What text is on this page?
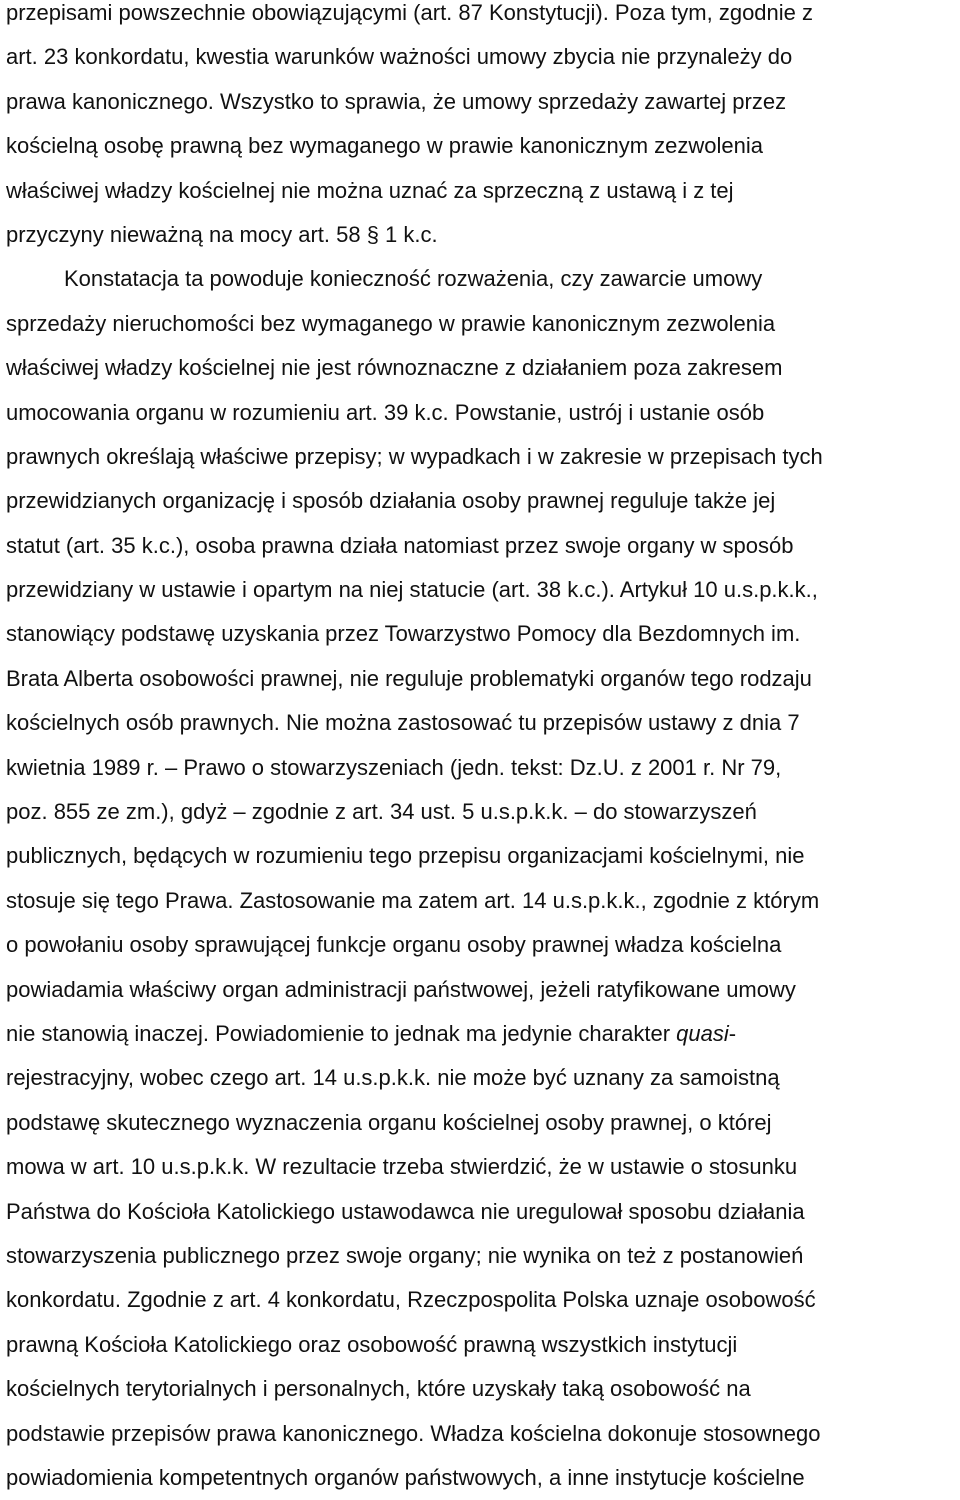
przepisami powszechnie obowiązującymi (art. 87 Konstytucji). Poza tym, zgodnie z
art. 23 konkordatu, kwestia warunków ważności umowy zbycia nie przynależy do
prawa kanonicznego. Wszystko to sprawia, że umowy sprzedaży zawartej przez
kościelną osobę prawną bez wymaganego w prawie kanonicznym zezwolenia
właściwej władzy kościelnej nie można uznać za sprzeczną z ustawą i z tej
przyczyny nieważną na mocy art. 58 § 1 k.c.
Konstatacja ta powoduje konieczność rozważenia, czy zawarcie umowy
sprzedaży nieruchomości bez wymaganego w prawie kanonicznym zezwolenia
właściwej władzy kościelnej nie jest równoznaczne z działaniem poza zakresem
umocowania organu w rozumieniu art. 39 k.c. Powstanie, ustrój i ustanie osób
prawnych określają właściwe przepisy; w wypadkach i w zakresie w przepisach tych
przewidzianych organizację i sposób działania osoby prawnej reguluje także jej
statut (art. 35 k.c.), osoba prawna działa natomiast przez swoje organy w sposób
przewidziany w ustawie i opartym na niej statucie (art. 38 k.c.). Artykuł 10 u.s.p.k.k.,
stanowiący podstawę uzyskania przez Towarzystwo Pomocy dla Bezdomnych im.
Brata Alberta osobowości prawnej, nie reguluje problematyki organów tego rodzaju
kościelnych osób prawnych. Nie można zastosować tu przepisów ustawy z dnia 7
kwietnia 1989 r. – Prawo o stowarzyszeniach (jedn. tekst: Dz.U. z 2001 r. Nr 79,
poz. 855 ze zm.), gdyż – zgodnie z art. 34 ust. 5 u.s.p.k.k. – do stowarzyszeń
publicznych, będących w rozumieniu tego przepisu organizacjami kościelnymi, nie
stosuje się tego Prawa. Zastosowanie ma zatem art. 14 u.s.p.k.k., zgodnie z którym
o powołaniu osoby sprawującej funkcje organu osoby prawnej władza kościelna
powiadamia właściwy organ administracji państwowej, jeżeli ratyfikowane umowy
nie stanowią inaczej. Powiadomienie to jednak ma jedynie charakter quasi-
rejestracyjny, wobec czego art. 14 u.s.p.k.k. nie może być uznany za samoistną
podstawę skutecznego wyznaczenia organu kościelnej osoby prawnej, o której
mowa w art. 10 u.s.p.k.k. W rezultacie trzeba stwierdzić, że w ustawie o stosunku
Państwa do Kościoła Katolickiego ustawodawca nie uregulował sposobu działania
stowarzyszenia publicznego przez swoje organy; nie wynika on też z postanowień
konkordatu. Zgodnie z art. 4 konkordatu, Rzeczpospolita Polska uznaje osobowość
prawną Kościoła Katolickiego oraz osobowość prawną wszystkich instytucji
kościelnych terytorialnych i personalnych, które uzyskały taką osobowość na
podstawie przepisów prawa kanonicznego. Władza kościelna dokonuje stosownego
powiadomienia kompetentnych organów państwowych, a inne instytucje kościelne
